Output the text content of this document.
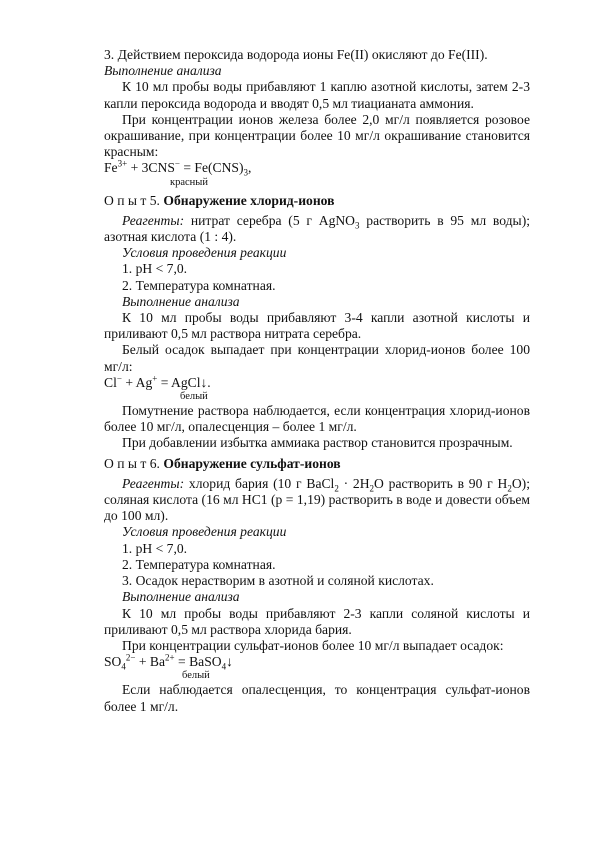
3. Действием пероксида водорода ионы Fe(II) окисляют до Fe(III).

Выполнение анализа

К 10 мл пробы воды прибавляют 1 каплю азотной кислоты, затем 2-3 капли пероксида водорода и вводят 0,5 мл тиацианата аммония.

При концентрации ионов железа более 2,0 мг/л появляется розовое окрашивание, при концентрации более 10 мг/л окрашивание становится красным:

$Fe^{3+} + 3CNS^- = Fe(CNS)_3$,

красный

О п ы т 5. Обнаружение хлорид-ионов

Реагенты: нитрат серебра (5 г AgNO$_3$ растворить в 95 мл воды); азотная кислота (1 : 4).

Условия проведения реакции

1. pH < 7,0.

2. Температура комнатная.

Выполнение анализа

К 10 мл пробы воды прибавляют 3-4 капли азотной кислоты и приливают 0,5 мл раствора нитрата серебра.

Белый осадок выпадает при концентрации хлорид-ионов более 100 мг/л:

Cl− + Ag+ = AgCl↓.

белый

Помутнение раствора наблюдается, если концентрация хлорид-ионов более 10 мг/л, опалесценция – более 1 мг/л.

При добавлении избытка аммиака раствор становится прозрачным.

О п ы т 6. Обнаружение сульфат-ионов

Реагенты: хлорид бария (10 г BaCl$_2$ · $2H_2O$ растворить в 90 г $H_2O$); соляная кислота (16 мл НС1 (р = 1,19) растворить в воде и довести объем до 100 мл).

Условия проведения реакции

1. pH < 7,0.

2. Температура комнатная.

3. Осадок нерастворим в азотной и соляной кислотах.

Выполнение анализа

К 10 мл пробы воды прибавляют 2-3 капли соляной кислоты и приливают 0,5 мл раствора хлорида бария.

При концентрации сульфат-ионов более 10 мг/л выпадает осадок:

$SO_4^{2-} + Ba^{2+}$ = BaSO$_4$↓

белый

Если наблюдается опалесценция, то концентрация сульфат-ионов более 1 мг/л.
